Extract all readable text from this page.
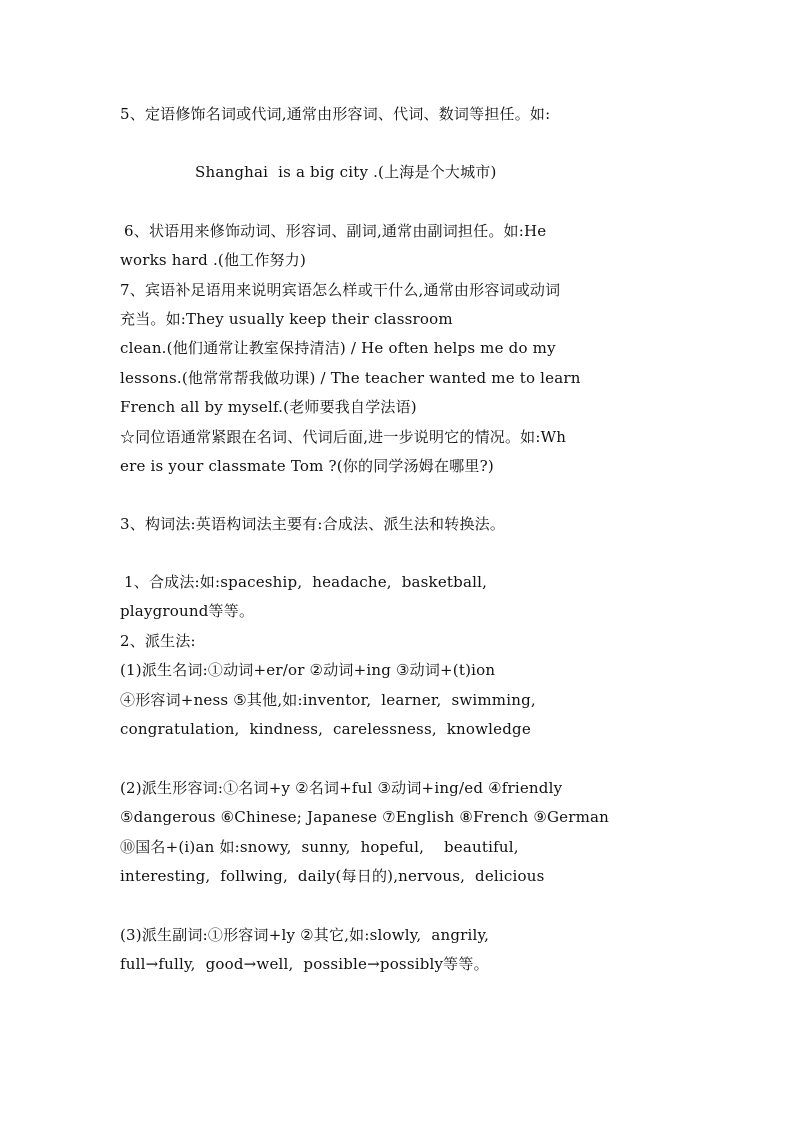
5、定语修饰名词或代词,通常由形容词、代词、数词等担任。如:
Shanghai  is a big city .(上海是个大城市)
6、状语用来修饰动词、形容词、副词,通常由副词担任。如:He
works hard .(他工作努力)
7、宾语补足语用来说明宾语怎么样或干什么,通常由形容词或动词
充当。如:They usually keep their classroom
clean.(他们通常让教室保持清洁) / He often helps me do my
lessons.(他常常帮我做功课) / The teacher wanted me to learn
French all by myself.(老师要我自学法语)
☆同位语通常紧跟在名词、代词后面,进一步说明它的情况。如:Wh
ere is your classmate Tom ?(你的同学汤姆在哪里?)
3、构词法:英语构词法主要有:合成法、派生法和转换法。
1、合成法:如:spaceship,  headache,  basketball,
playground等等。
2、派生法:
(1)派生名词:①动词+er/or ②动词+ing ③动词+(t)ion
④形容词+ness ⑤其他,如:inventor,  learner,  swimming,
congratulation,  kindness,  carelessness,  knowledge
(2)派生形容词:①名词+y ②名词+ful ③动词+ing/ed ④friendly
⑤dangerous ⑥Chinese; Japanese ⑦English ⑧French ⑨German
⑩国名+(i)an 如:snowy,  sunny,  hopeful,    beautiful,
interesting,  follwing,  daily(每日的),nervous,  delicious
(3)派生副词:①形容词+ly ②其它,如:slowly,  angrily,
full→fully,  good→well,  possible→possibly等等。
